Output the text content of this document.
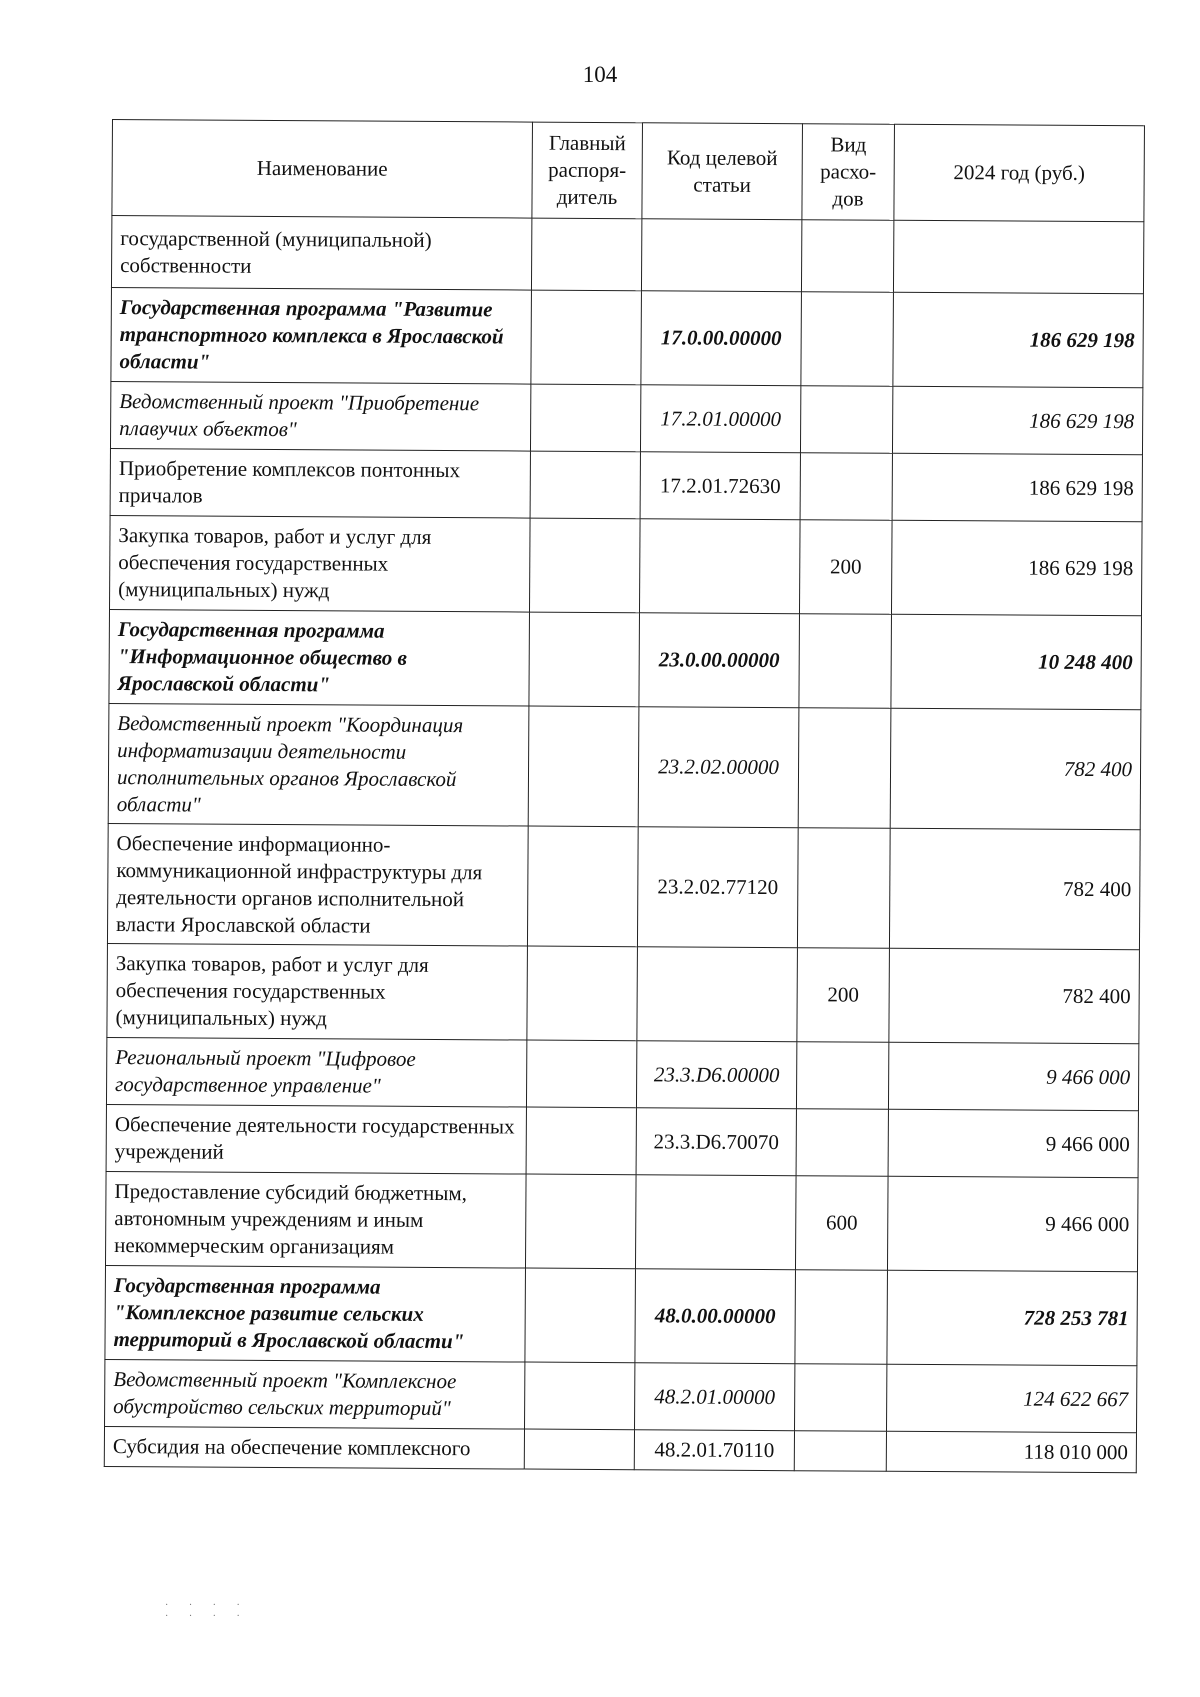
104
Наименование	Главный распоря-дитель	Код целевой статьи	Вид расхо-дов	2024 год (руб.)
государственной (муниципальной) собственности				
Государственная программа "Развитие транспортного комплекса в Ярославской области"		17.0.00.00000		186 629 198
Ведомственный проект "Приобретение плавучих объектов"		17.2.01.00000		186 629 198
Приобретение комплексов понтонных причалов		17.2.01.72630		186 629 198
Закупка товаров, работ и услуг для обеспечения государственных (муниципальных) нужд			200	186 629 198
Государственная программа "Информационное общество в Ярославской области"		23.0.00.00000		10 248 400
Ведомственный проект "Координация информатизации деятельности исполнительных органов Ярославской области"		23.2.02.00000		782 400
Обеспечение информационно-коммуникационной инфраструктуры для деятельности органов исполнительной власти Ярославской области		23.2.02.77120		782 400
Закупка товаров, работ и услуг для обеспечения государственных (муниципальных) нужд			200	782 400
Региональный проект "Цифровое государственное управление"		23.3.D6.00000		9 466 000
Обеспечение деятельности государственных учреждений		23.3.D6.70070		9 466 000
Предоставление субсидий бюджетным, автономным учреждениям и иным некоммерческим организациям			600	9 466 000
Государственная программа "Комплексное развитие сельских территорий в Ярославской области"		48.0.00.00000		728 253 781
Ведомственный проект "Комплексное обустройство сельских территорий"		48.2.01.00000		124 622 667
Субсидия на обеспечение комплексного		48.2.01.70110		118 010 000
· · · ·
· · · ·
